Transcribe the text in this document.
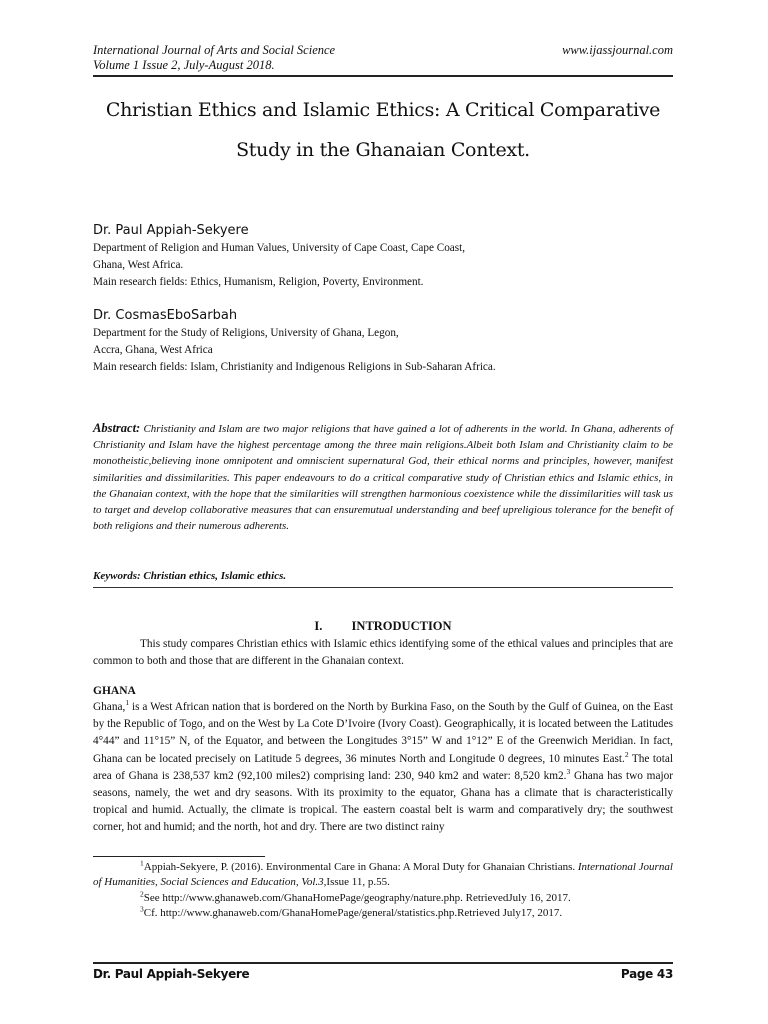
International Journal of Arts and Social Science
Volume 1 Issue 2, July-August 2018.
www.ijassjournal.com
Christian Ethics and Islamic Ethics: A Critical Comparative
Study in the Ghanaian Context.
Dr. Paul Appiah-Sekyere
Department of Religion and Human Values, University of Cape Coast, Cape Coast,
Ghana, West Africa.
Main research fields: Ethics, Humanism, Religion, Poverty, Environment.
Dr. CosmasEboSarbah
Department for the Study of Religions, University of Ghana, Legon,
Accra, Ghana, West Africa
Main research fields: Islam, Christianity and Indigenous Religions in Sub-Saharan Africa.
Abstract: Christianity and Islam are two major religions that have gained a lot of adherents in the world. In Ghana, adherents of Christianity and Islam have the highest percentage among the three main religions.Albeit both Islam and Christianity claim to be monotheistic,believing inone omnipotent and omniscient supernatural God, their ethical norms and principles, however, manifest similarities and dissimilarities. This paper endeavours to do a critical comparative study of Christian ethics and Islamic ethics, in the Ghanaian context, with the hope that the similarities will strengthen harmonious coexistence while the dissimilarities will task us to target and develop collaborative measures that can ensuremutual understanding and beef upreligious tolerance for the benefit of both religions and their numerous adherents.
Keywords: Christian ethics, Islamic ethics.
I. INTRODUCTION
This study compares Christian ethics with Islamic ethics identifying some of the ethical values and principles that are common to both and those that are different in the Ghanaian context.
GHANA
Ghana,$^1$ is a West African nation that is bordered on the North by Burkina Faso, on the South by the Gulf of Guinea, on the East by the Republic of Togo, and on the West by La Cote D’Ivoire (Ivory Coast). Geographically, it is located between the Latitudes 4°44” and 11°15” N, of the Equator, and between the Longitudes 3°15” W and 1°12” E of the Greenwich Meridian. In fact, Ghana can be located precisely on Latitude 5 degrees, 36 minutes North and Longitude 0 degrees, 10 minutes East.$^2$ The total area of Ghana is 238,537 km2 (92,100 miles2) comprising land: 230, 940 km2 and water: 8,520 km2.$^3$ Ghana has two major seasons, namely, the wet and dry seasons. With its proximity to the equator, Ghana has a climate that is characteristically tropical and humid. Actually, the climate is tropical. The eastern coastal belt is warm and comparatively dry; the southwest corner, hot and humid; and the north, hot and dry. There are two distinct rainy
$^1$Appiah-Sekyere, P. (2016). Environmental Care in Ghana: A Moral Duty for Ghanaian Christians. International Journal of Humanities, Social Sciences and Education, Vol.3,Issue 11, p.55.
$^2$See http://www.ghanaweb.com/GhanaHomePage/geography/nature.php. RetrievedJuly 16, 2017.
$^3$Cf. http://www.ghanaweb.com/GhanaHomePage/general/statistics.php.Retrieved July17, 2017.
Dr. Paul Appiah-Sekyere	Page 43
